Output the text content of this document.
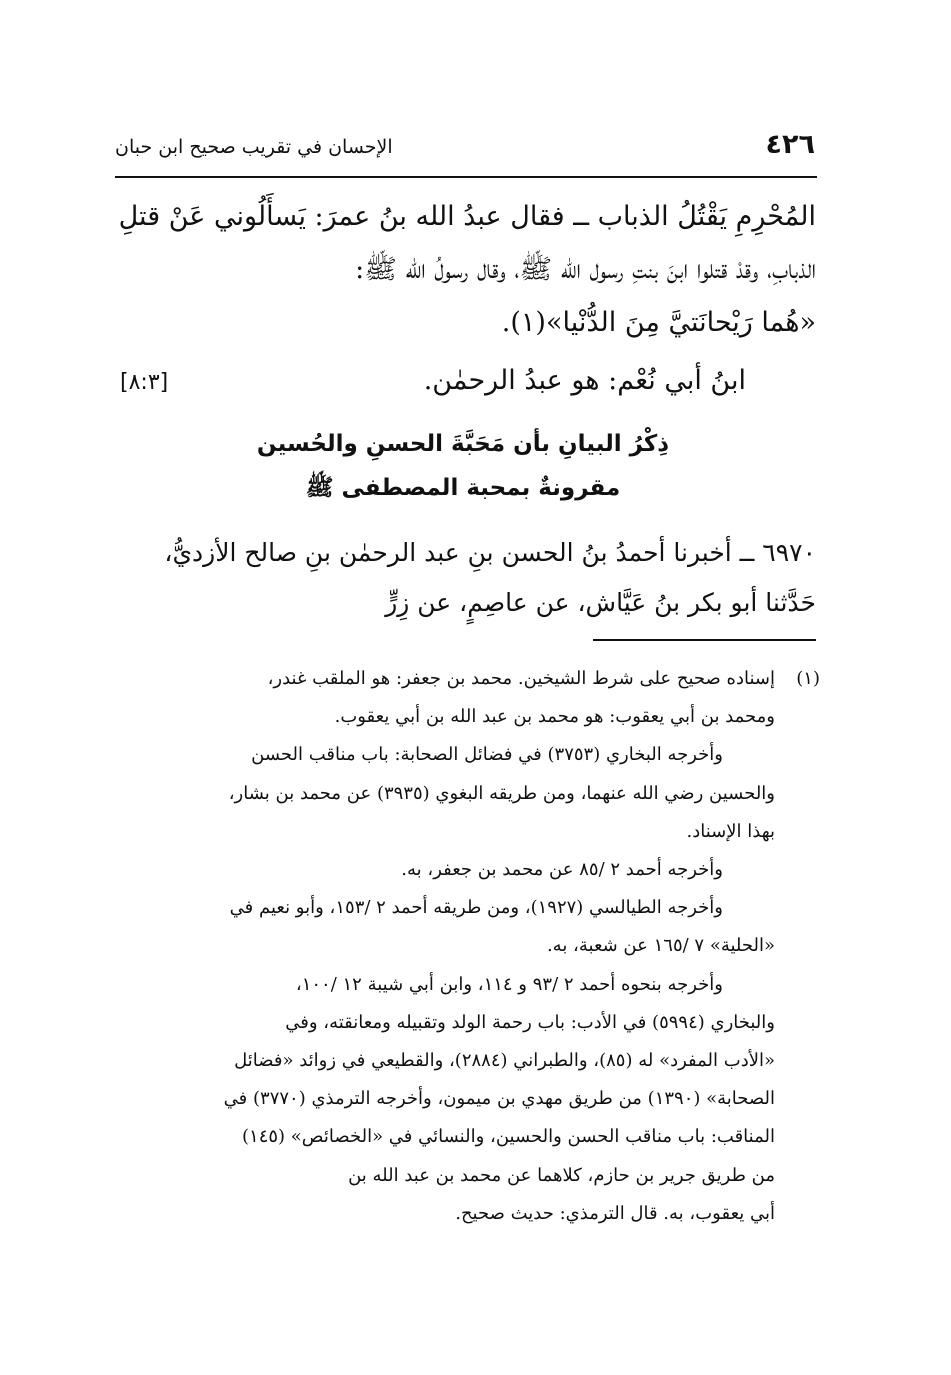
٤٢٦
الإحسان في تقريب صحيح ابن حبان

المُحْرِمِ يَقْتُلُ الذباب ــ فقال عبدُ الله بنُ عمرَ: يَسأَلُوني عَنْ قتلِ

الذبابِ، وقدْ قتلوا ابنَ بنتِ رسول الله ﷺ، وقال رسولُ الله ﷺ:

«هُما رَيْحانَتيَّ مِنَ الدُّنْيا»(١).

ابنُ أبي نُعْم: هو عبدُ الرحمٰن.
[٨:٣]
ذِكْرُ البيانِ بأن مَحَبَّةَ الحسنِ والحُسين
مقرونةٌ بمحبة المصطفى ﷺ

٦٩٧٠ ــ أخبرنا أحمدُ بنُ الحسن بنِ عبد الرحمٰن بنِ صالح الأزديُّ،

حَدَّثنا أبو بكر بنُ عَيَّاش، عن عاصِمٍ، عن زِرٍّ

(١)

إسناده صحيح على شرط الشيخين. محمد بن جعفر: هو الملقب غندر،

ومحمد بن أبي يعقوب: هو محمد بن عبد الله بن أبي يعقوب.

وأخرجه البخاري (٣٧٥٣) في فضائل الصحابة: باب مناقب الحسن

والحسين رضي الله عنهما، ومن طريقه البغوي (٣٩٣٥) عن محمد بن بشار،

بهذا الإسناد.

وأخرجه أحمد ٢ /٨٥ عن محمد بن جعفر، به.

وأخرجه الطيالسي (١٩٢٧)، ومن طريقه أحمد ٢ /١٥٣، وأبو نعيم في

«الحلية» ٧ /١٦٥ عن شعبة، به.

وأخرجه بنحوه أحمد ٢ /٩٣ و ١١٤، وابن أبي شيبة ١٢ /١٠٠،

والبخاري (٥٩٩٤) في الأدب: باب رحمة الولد وتقبيله ومعانقته، وفي

«الأدب المفرد» له (٨٥)، والطبراني (٢٨٨٤)، والقطيعي في زوائد «فضائل

الصحابة» (١٣٩٠) من طريق مهدي بن ميمون، وأخرجه الترمذي (٣٧٧٠) في

المناقب: باب مناقب الحسن والحسين، والنسائي في «الخصائص» (١٤٥)

من طريق جرير بن حازم، كلاهما عن محمد بن عبد الله بن

أبي يعقوب، به. قال الترمذي: حديث صحيح.
